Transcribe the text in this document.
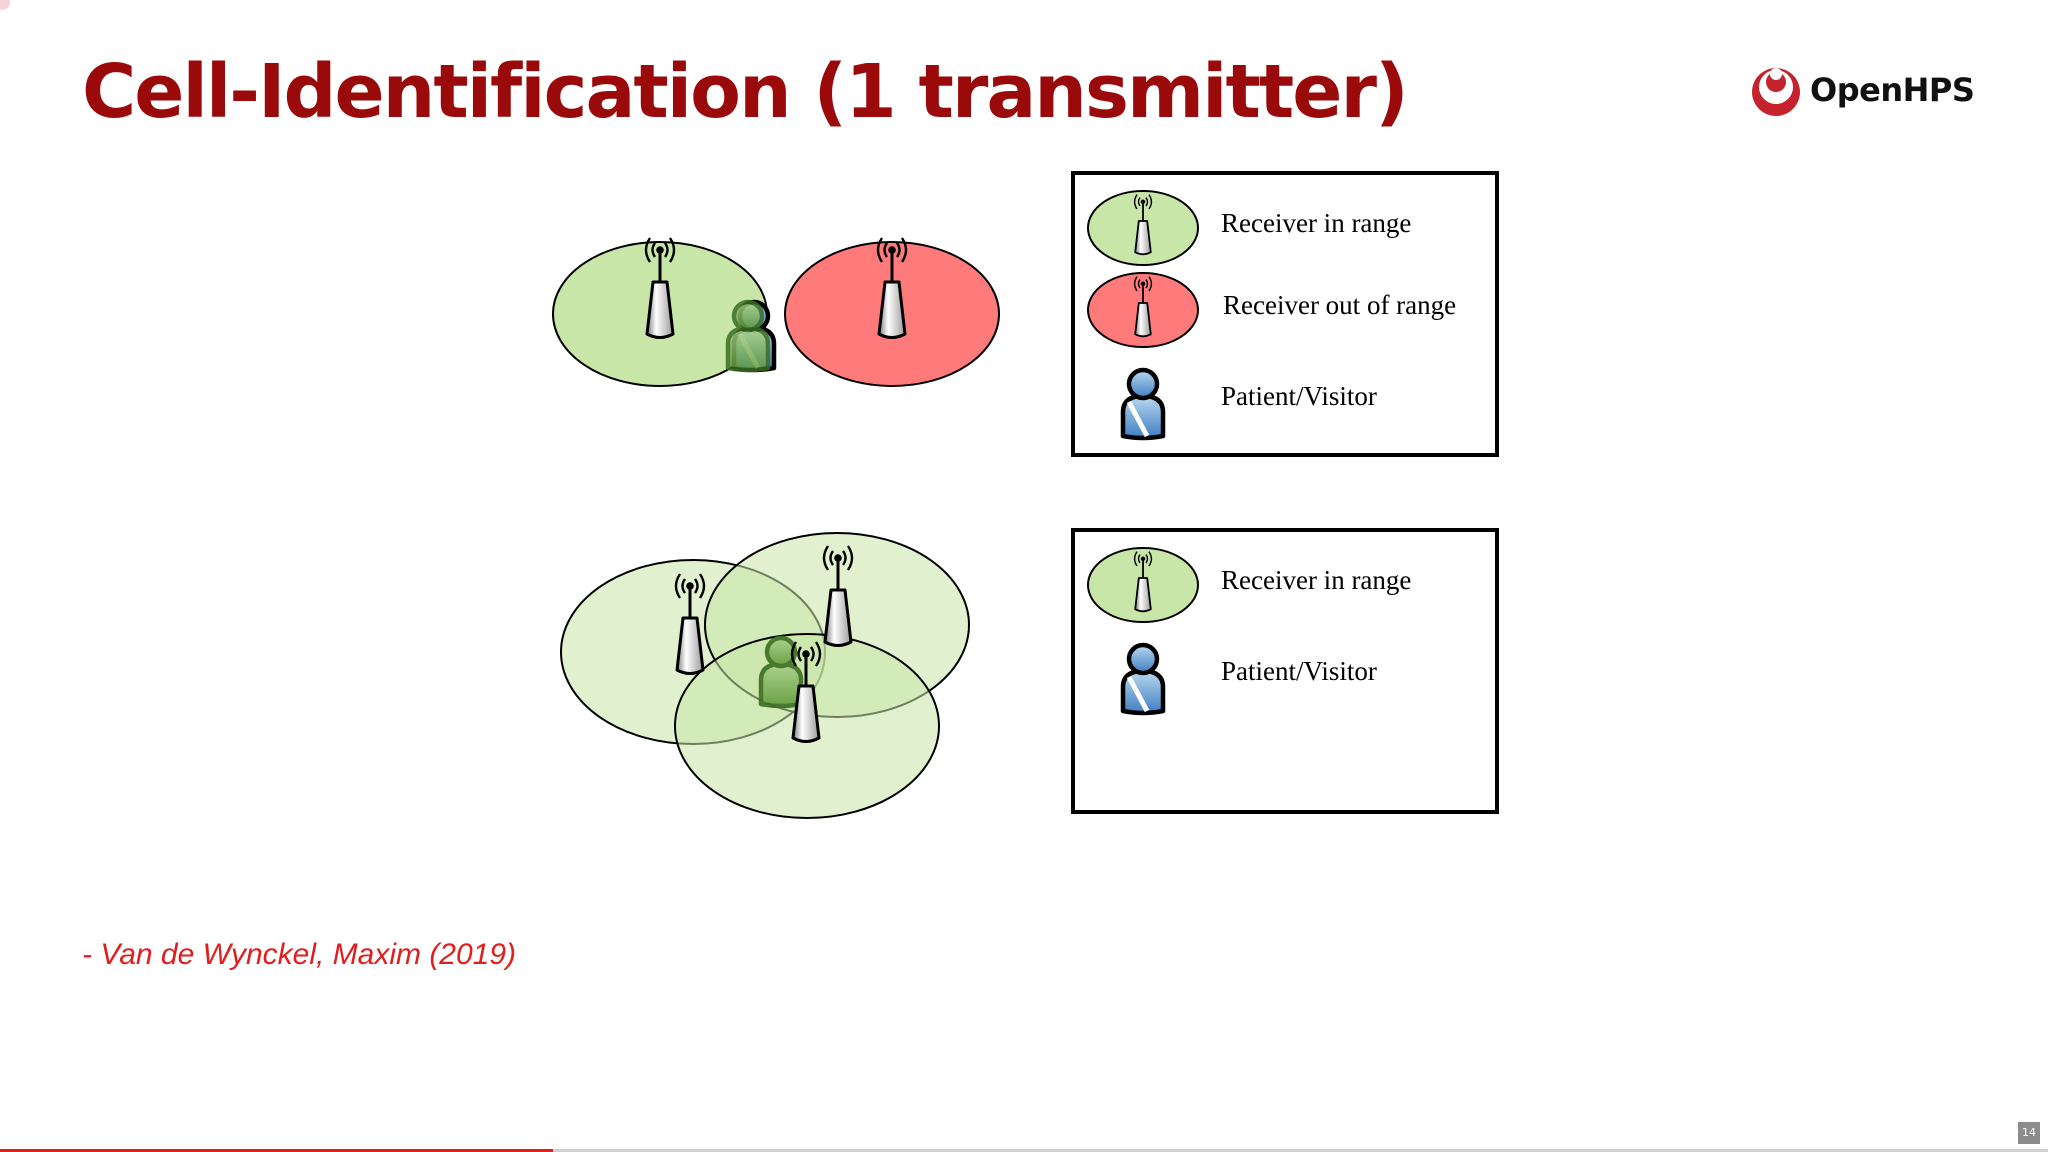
Cell-Identification (1 transmitter)	OpenHPS
Receiver in range
Receiver out of range
Patient/Visitor
Receiver in range
Patient/Visitor
- Van de Wynckel, Maxim (2019)
14
